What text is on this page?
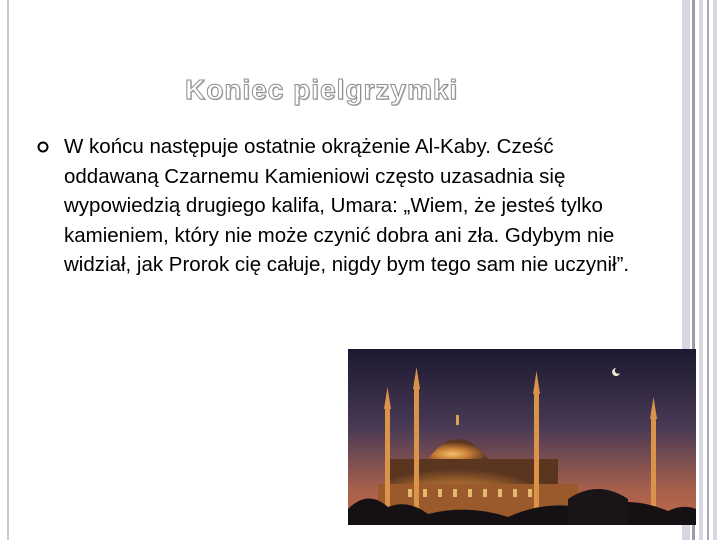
Koniec pielgrzymki
W końcu następuje ostatnie okrążenie Al-Kaby. Cześć oddawaną Czarnemu Kamieniowi często uzasadnia się wypowiedzią drugiego kalifa, Umara: „Wiem, że jesteś tylko kamieniem, który nie może czynić dobra ani zła. Gdybym nie widział, jak Prorok cię całuje, nigdy bym tego sam nie uczynił”.
